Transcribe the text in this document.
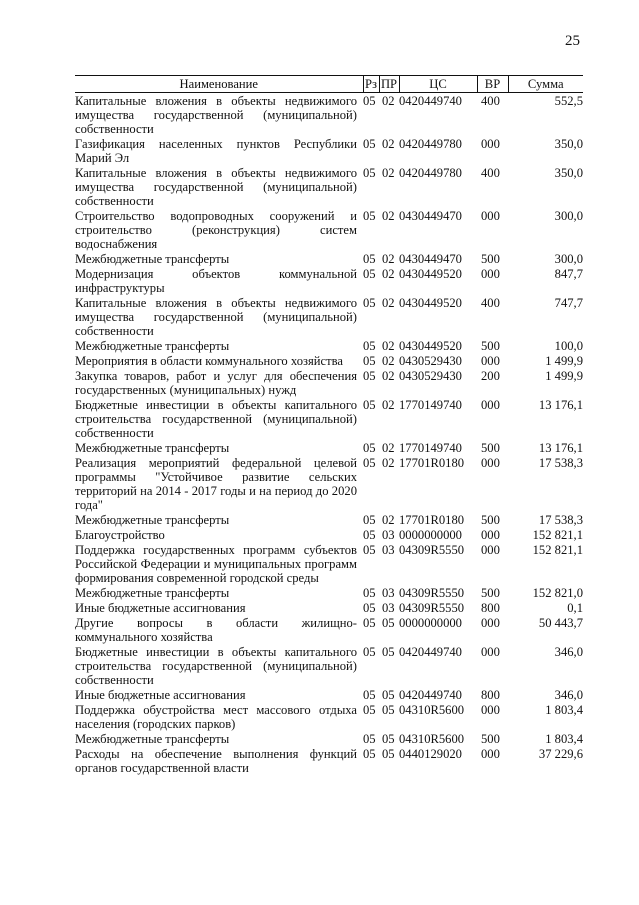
25
Наименование	Рз	ПР	ЦС	ВР	Сумма
Капитальные вложения в объекты недвижимого имущества государственной (муниципальной) собственности	05	02	0420449740	400	552,5
Газификация населенных пунктов Республики Марий Эл	05	02	0420449780	000	350,0
Капитальные вложения в объекты недвижимого имущества государственной (муниципальной) собственности	05	02	0420449780	400	350,0
Строительство водопроводных сооружений и строительство (реконструкция) систем водоснабжения	05	02	0430449470	000	300,0
Межбюджетные трансферты	05	02	0430449470	500	300,0
Модернизация объектов коммунальной инфраструктуры	05	02	0430449520	000	847,7
Капитальные вложения в объекты недвижимого имущества государственной (муниципальной) собственности	05	02	0430449520	400	747,7
Межбюджетные трансферты	05	02	0430449520	500	100,0
Мероприятия в области коммунального хозяйства	05	02	0430529430	000	1 499,9
Закупка товаров, работ и услуг для обеспечения государственных (муниципальных) нужд	05	02	0430529430	200	1 499,9
Бюджетные инвестиции в объекты капитального строительства государственной (муниципальной) собственности	05	02	1770149740	000	13 176,1
Межбюджетные трансферты	05	02	1770149740	500	13 176,1
Реализация мероприятий федеральной целевой программы "Устойчивое развитие сельских территорий на 2014 - 2017 годы и на период до 2020 года"	05	02	17701R0180	000	17 538,3
Межбюджетные трансферты	05	02	17701R0180	500	17 538,3
Благоустройство	05	03	0000000000	000	152 821,1
Поддержка государственных программ субъектов Российской Федерации и муниципальных программ формирования современной городской среды	05	03	04309R5550	000	152 821,1
Межбюджетные трансферты	05	03	04309R5550	500	152 821,0
Иные бюджетные ассигнования	05	03	04309R5550	800	0,1
Другие вопросы в области жилищно-коммунального хозяйства	05	05	0000000000	000	50 443,7
Бюджетные инвестиции в объекты капитального строительства государственной (муниципальной) собственности	05	05	0420449740	000	346,0
Иные бюджетные ассигнования	05	05	0420449740	800	346,0
Поддержка обустройства мест массового отдыха населения (городских парков)	05	05	04310R5600	000	1 803,4
Межбюджетные трансферты	05	05	04310R5600	500	1 803,4
Расходы на обеспечение выполнения функций органов государственной власти	05	05	0440129020	000	37 229,6
